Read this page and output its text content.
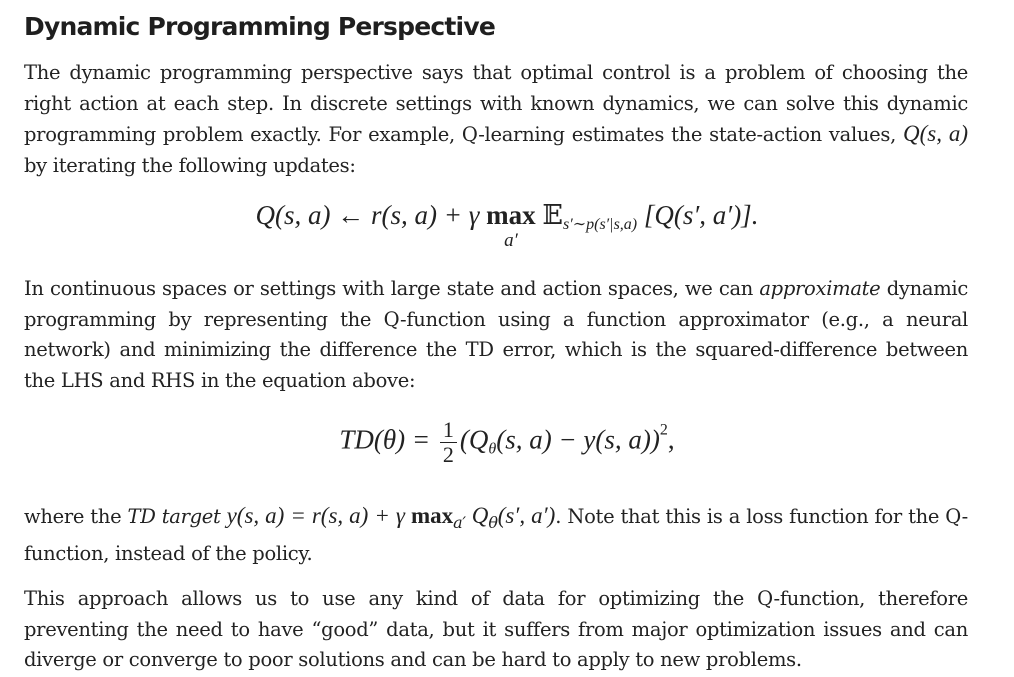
Dynamic Programming Perspective

The dynamic programming perspective says that optimal control is a problem of choosing the right action at each step. In discrete settings with known dynamics, we can solve this dynamic programming problem exactly. For example, Q-learning estimates the state-action values, Q(s, a) by iterating the following updates:

Q(s, a) ← r(s, a) + γ max
a′
𝔼$_{s'\sim p(s'|s,a)}$ [Q(s′, a′)].

In continuous spaces or settings with large state and action spaces, we can approximate dynamic programming by representing the Q-function using a function approximator (e.g., a neural network) and minimizing the difference the TD error, which is the squared-difference between the LHS and RHS in the equation above:

$TD(\theta) = \frac{1}{2} (Q_\theta(s$, a) − y(s, a))$^2$,

where the TD target y(s, a) = r(s, a) + γ $\max_{a'} Q_\theta(s'$, a′). Note that this is a loss function for the Q-function, instead of the policy.

This approach allows us to use any kind of data for optimizing the Q-function, therefore preventing the need to have “good” data, but it suffers from major optimization issues and can diverge or converge to poor solutions and can be hard to apply to new problems.
